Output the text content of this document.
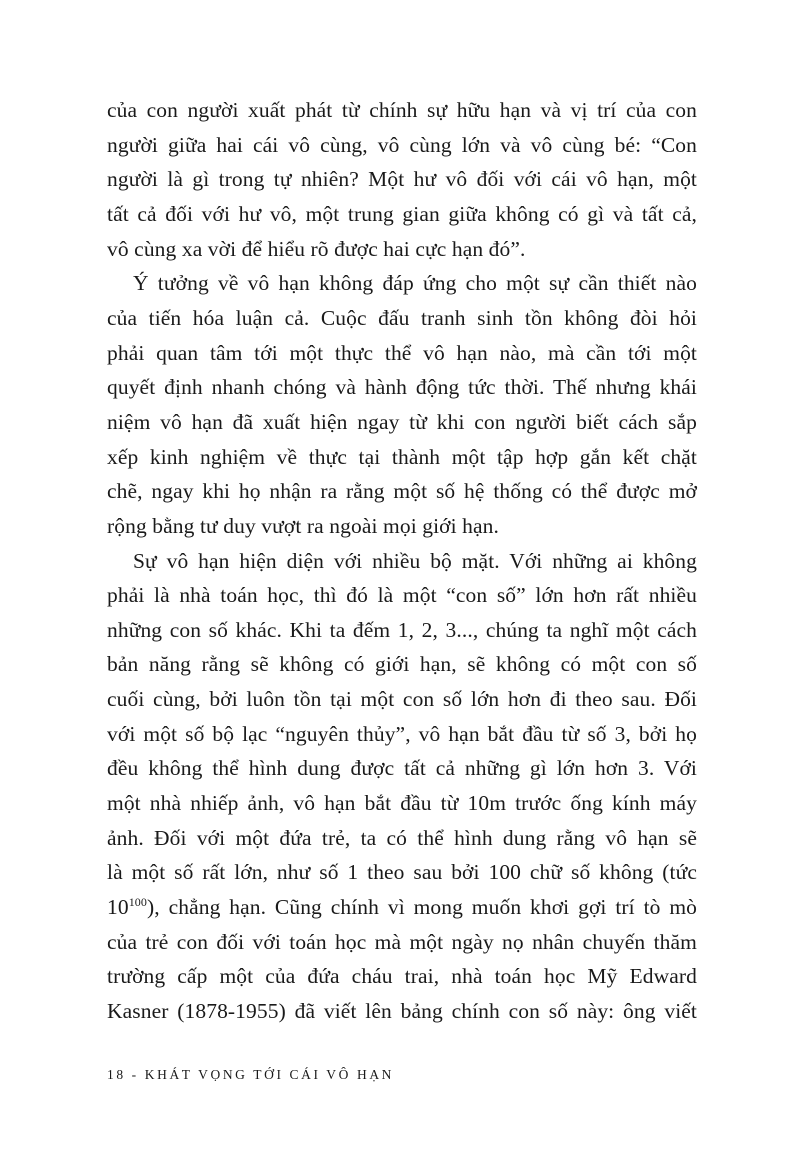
của con người xuất phát từ chính sự hữu hạn và vị trí của con
người giữa hai cái vô cùng, vô cùng lớn và vô cùng bé: “Con
người là gì trong tự nhiên? Một hư vô đối với cái vô hạn, một
tất cả đối với hư vô, một trung gian giữa không có gì và tất cả,
vô cùng xa vời để hiểu rõ được hai cực hạn đó”.
Ý tưởng về vô hạn không đáp ứng cho một sự cần thiết nào
của tiến hóa luận cả. Cuộc đấu tranh sinh tồn không đòi hỏi
phải quan tâm tới một thực thể vô hạn nào, mà cần tới một
quyết định nhanh chóng và hành động tức thời. Thế nhưng khái
niệm vô hạn đã xuất hiện ngay từ khi con người biết cách sắp
xếp kinh nghiệm về thực tại thành một tập hợp gắn kết chặt
chẽ, ngay khi họ nhận ra rằng một số hệ thống có thể được mở
rộng bằng tư duy vượt ra ngoài mọi giới hạn.
Sự vô hạn hiện diện với nhiều bộ mặt. Với những ai không
phải là nhà toán học, thì đó là một “con số” lớn hơn rất nhiều
những con số khác. Khi ta đếm 1, 2, 3..., chúng ta nghĩ một cách
bản năng rằng sẽ không có giới hạn, sẽ không có một con số
cuối cùng, bởi luôn tồn tại một con số lớn hơn đi theo sau. Đối
với một số bộ lạc “nguyên thủy”, vô hạn bắt đầu từ số 3, bởi họ
đều không thể hình dung được tất cả những gì lớn hơn 3. Với
một nhà nhiếp ảnh, vô hạn bắt đầu từ 10m trước ống kính máy
ảnh. Đối với một đứa trẻ, ta có thể hình dung rằng vô hạn sẽ
là một số rất lớn, như số 1 theo sau bởi 100 chữ số không (tức
$10^{100}$), chẳng hạn. Cũng chính vì mong muốn khơi gợi trí tò mò
của trẻ con đối với toán học mà một ngày nọ nhân chuyến thăm
trường cấp một của đứa cháu trai, nhà toán học Mỹ Edward
Kasner (1878-1955) đã viết lên bảng chính con số này: ông viết
18 - KHÁT VỌNG TỚI CÁI VÔ HẠN
